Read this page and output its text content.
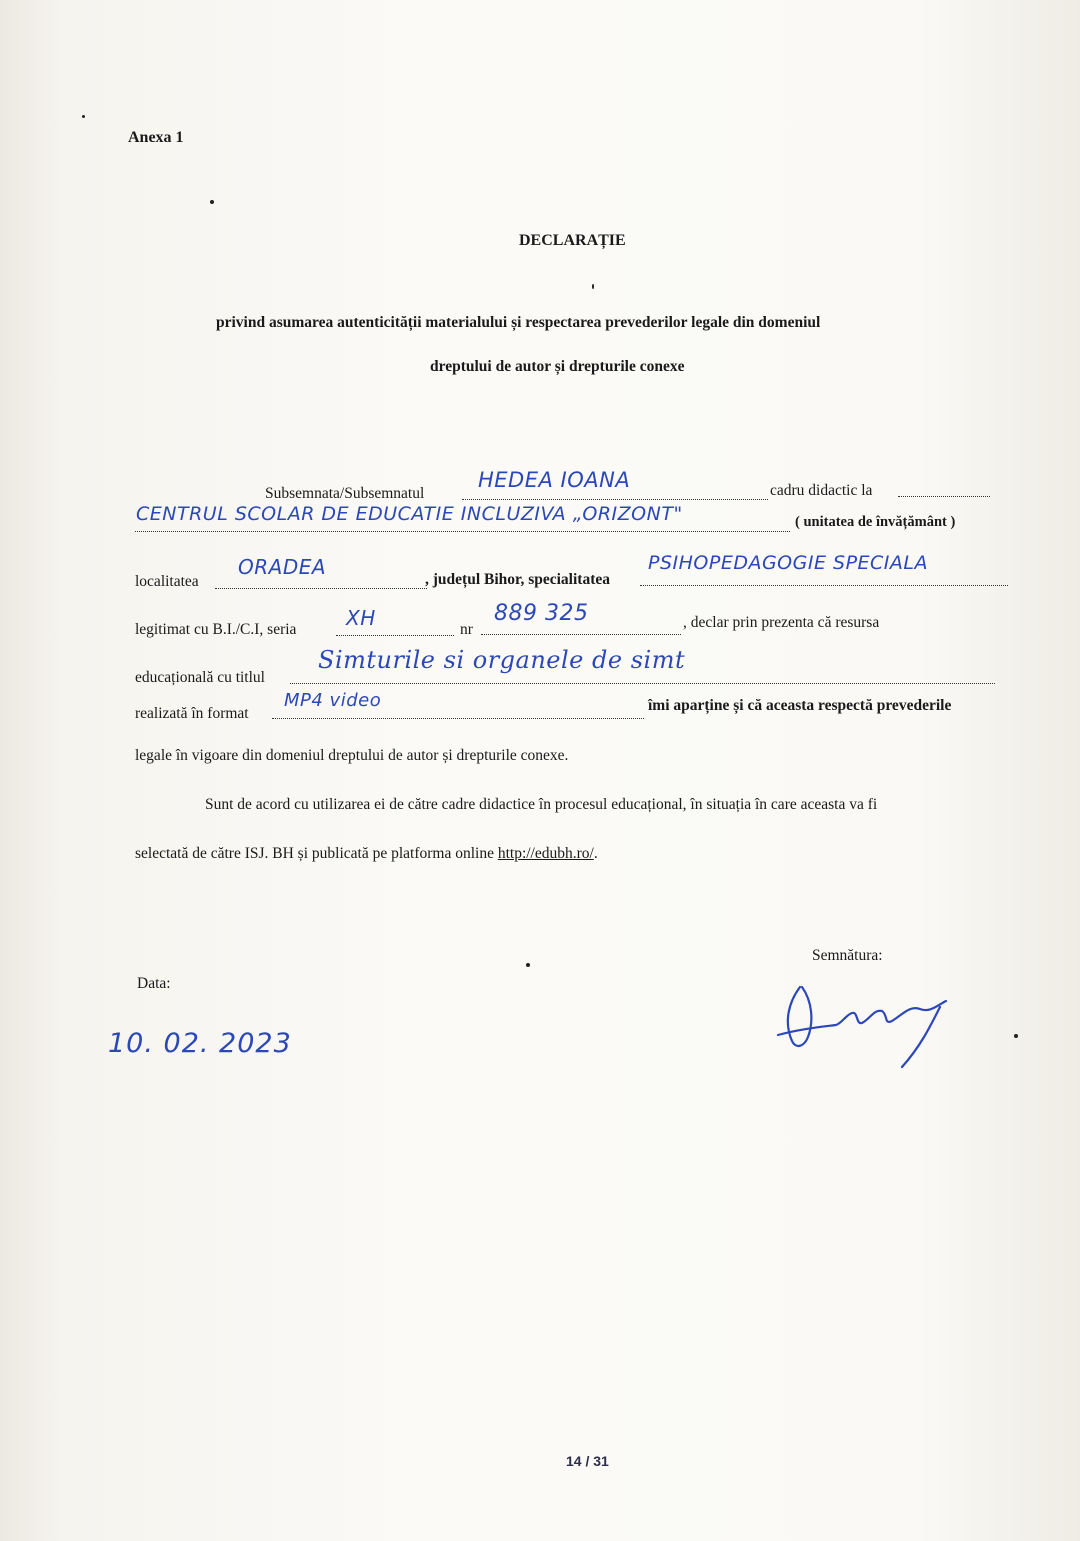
Anexa 1
DECLARAȚIE
privind asumarea autenticității materialului și respectarea prevederilor legale din domeniul
dreptului de autor și drepturile conexe
Subsemnata/Subsemnatul
HEDEA IOANA	cadru didactic la
CENTRUL SCOLAR DE EDUCATIE INCLUZIVA „ORIZONT"	( unitatea de învățământ )
localitatea
ORADEA
, județul Bihor, specialitatea
PSIHOPEDAGOGIE SPECIALA
legitimat cu B.I./C.I, seria XH	nr
889 325	, declar prin prezenta că resursa
educațională cu titlul
Simturile si organele de simt
realizată în format
MP4 video	îmi aparține și că aceasta respectă prevederile
legale în vigoare din domeniul dreptului de autor și drepturile conexe.
Sunt de acord cu utilizarea ei de către cadre didactice în procesul educațional, în situația în care aceasta va fi
selectată de către ISJ. BH și publicată pe platforma online http://edubh.ro/.
Semnătura:
Data:
10. 02. 2023
14 / 31
